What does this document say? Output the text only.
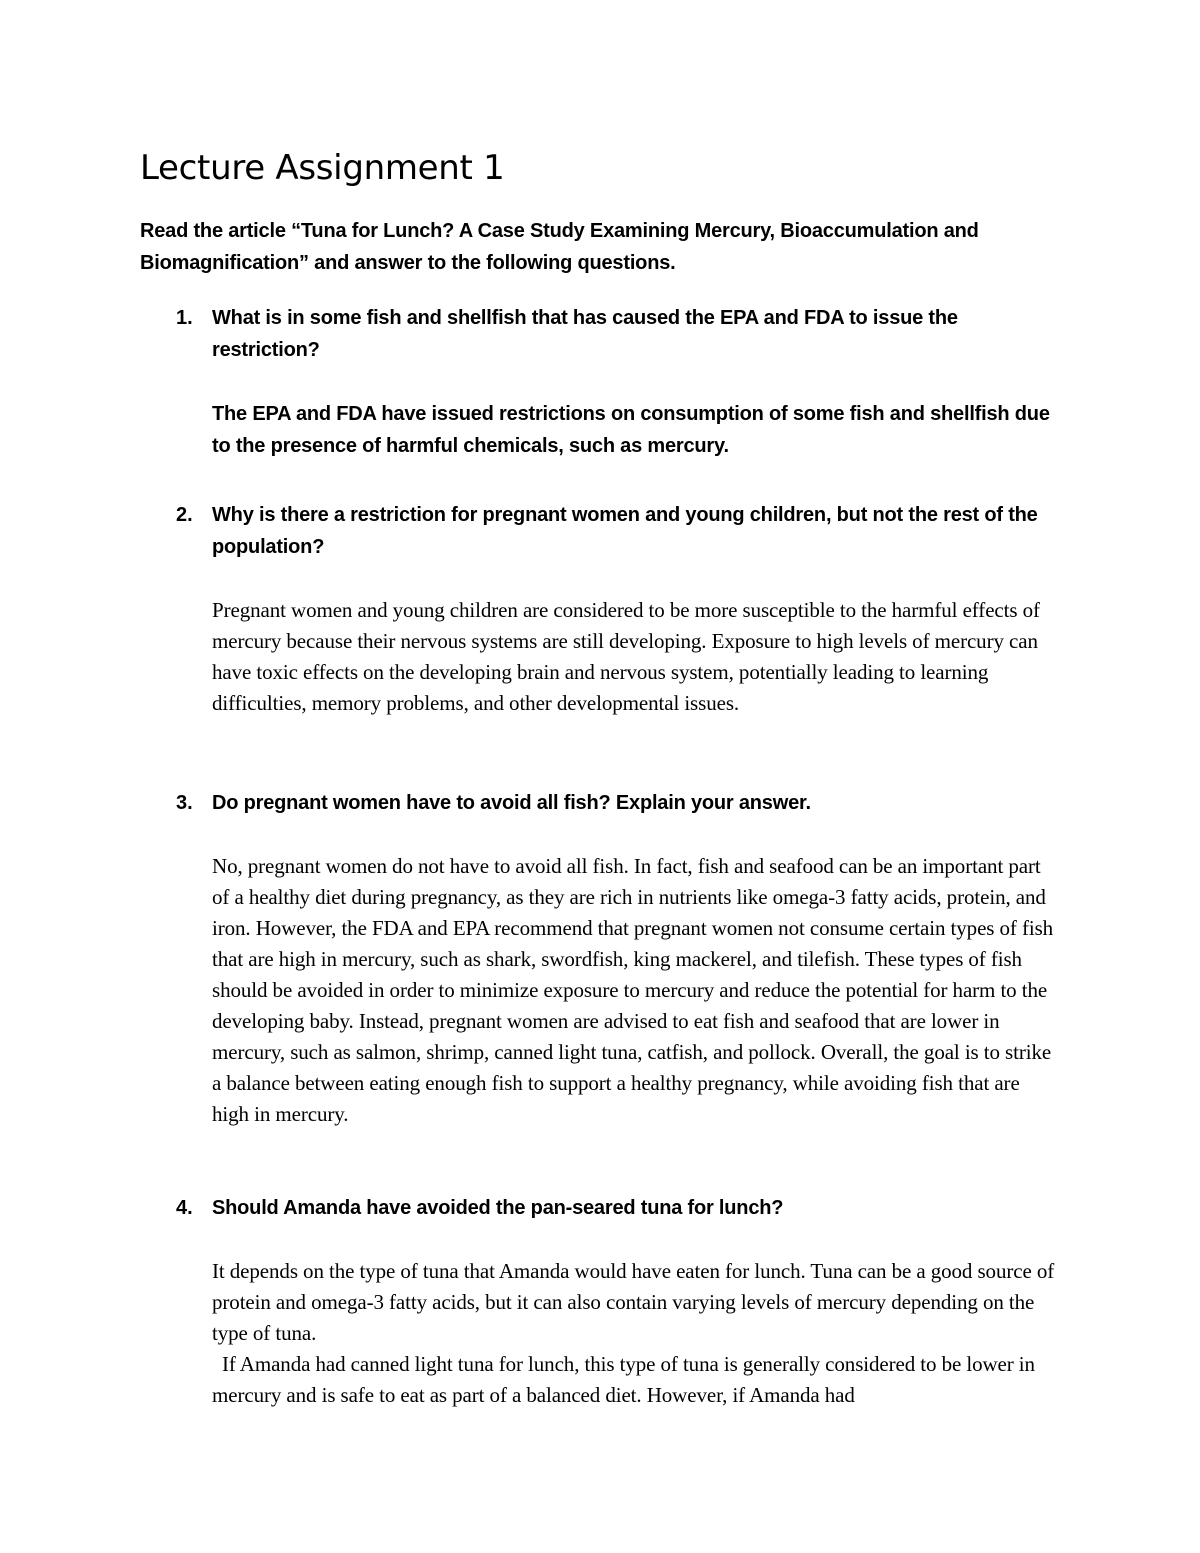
Lecture Assignment 1

Read the article “Tuna for Lunch? A Case Study Examining Mercury, Bioaccumulation and Biomagnification” and answer to the following questions.

1. What is in some fish and shellfish that has caused the EPA and FDA to issue the restriction?

The EPA and FDA have issued restrictions on consumption of some fish and shellfish due to the presence of harmful chemicals, such as mercury.

2. Why is there a restriction for pregnant women and young children, but not the rest of the population?

Pregnant women and young children are considered to be more susceptible to the harmful effects of mercury because their nervous systems are still developing. Exposure to high levels of mercury can have toxic effects on the developing brain and nervous system, potentially leading to learning difficulties, memory problems, and other developmental issues.

3. Do pregnant women have to avoid all fish? Explain your answer.

No, pregnant women do not have to avoid all fish. In fact, fish and seafood can be an important part of a healthy diet during pregnancy, as they are rich in nutrients like omega-3 fatty acids, protein, and iron. However, the FDA and EPA recommend that pregnant women not consume certain types of fish that are high in mercury, such as shark, swordfish, king mackerel, and tilefish. These types of fish should be avoided in order to minimize exposure to mercury and reduce the potential for harm to the developing baby. Instead, pregnant women are advised to eat fish and seafood that are lower in mercury, such as salmon, shrimp, canned light tuna, catfish, and pollock. Overall, the goal is to strike a balance between eating enough fish to support a healthy pregnancy, while avoiding fish that are high in mercury.

4. Should Amanda have avoided the pan-seared tuna for lunch?

It depends on the type of tuna that Amanda would have eaten for lunch. Tuna can be a good source of protein and omega-3 fatty acids, but it can also contain varying levels of mercury depending on the type of tuna.

If Amanda had canned light tuna for lunch, this type of tuna is generally considered to be lower in mercury and is safe to eat as part of a balanced diet. However, if Amanda had
